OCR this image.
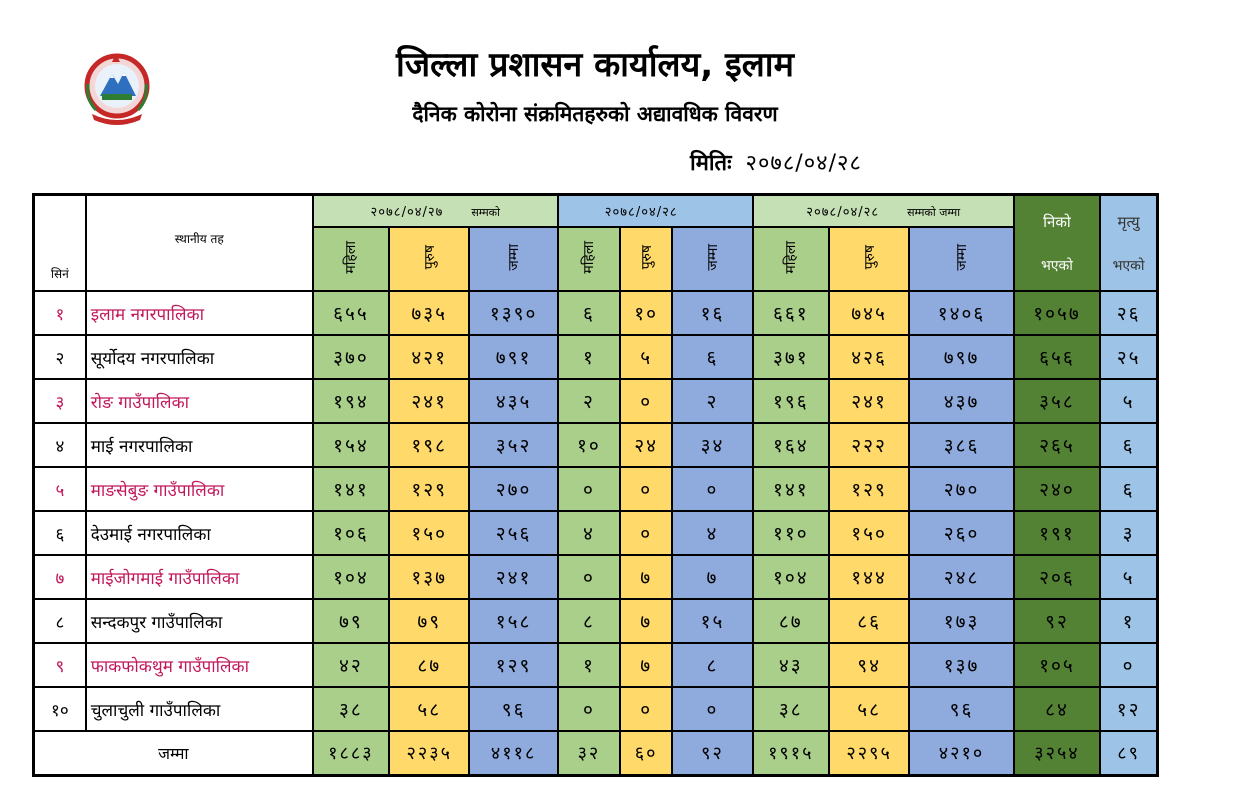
जिल्ला प्रशासन कार्यालय, इलाम
दैनिक कोरोना संक्रमितहरुको अद्यावधिक विवरण
मितिः २०७८/०४/२८
सिनं	स्थानीय तह	२०७८/०४/२७ सम्मको			२०७८/०४/२८			२०७८/०४/२८ सम्मको जम्मा			निको
भएको	मृत्यु
भएको

		महिला	पुरुष	जम्मा	महिला	पुरुष	जम्मा	महिला	पुरुष	जम्मा		
१	इलाम नगरपालिका	६५५	७३५	१३९०	६	१०	१६	६६१	७४५	१४०६	१०५७	२६
२	सूर्योदय नगरपालिका	३७०	४२१	७९१	१	५	६	३७१	४२६	७९७	६५६	२५
३	रोङ गाउँपालिका	१९४	२४१	४३५	२	०	२	१९६	२४१	४३७	३५८	५
४	माई नगरपालिका	१५४	१९८	३५२	१०	२४	३४	१६४	२२२	३८६	२६५	६
५	माङसेबुङ गाउँपालिका	१४१	१२९	२७०	०	०	०	१४१	१२९	२७०	२४०	६
६	देउमाई नगरपालिका	१०६	१५०	२५६	४	०	४	११०	१५०	२६०	१९१	३
७	माईजोगमाई गाउँपालिका	१०४	१३७	२४१	०	७	७	१०४	१४४	२४८	२०६	५
८	सन्दकपुर गाउँपालिका	७९	७९	१५८	८	७	१५	८७	८६	१७३	९२	१
९	फाकफोकथुम गाउँपालिका	४२	८७	१२९	१	७	८	४३	९४	१३७	१०५	०
१०	चुलाचुली गाउँपालिका	३८	५८	९६	०	०	०	३८	५८	९६	८४	१२
जम्मा		१८८३	२२३५	४११८	३२	६०	९२	१९१५	२२९५	४२१०	३२५४	८९
